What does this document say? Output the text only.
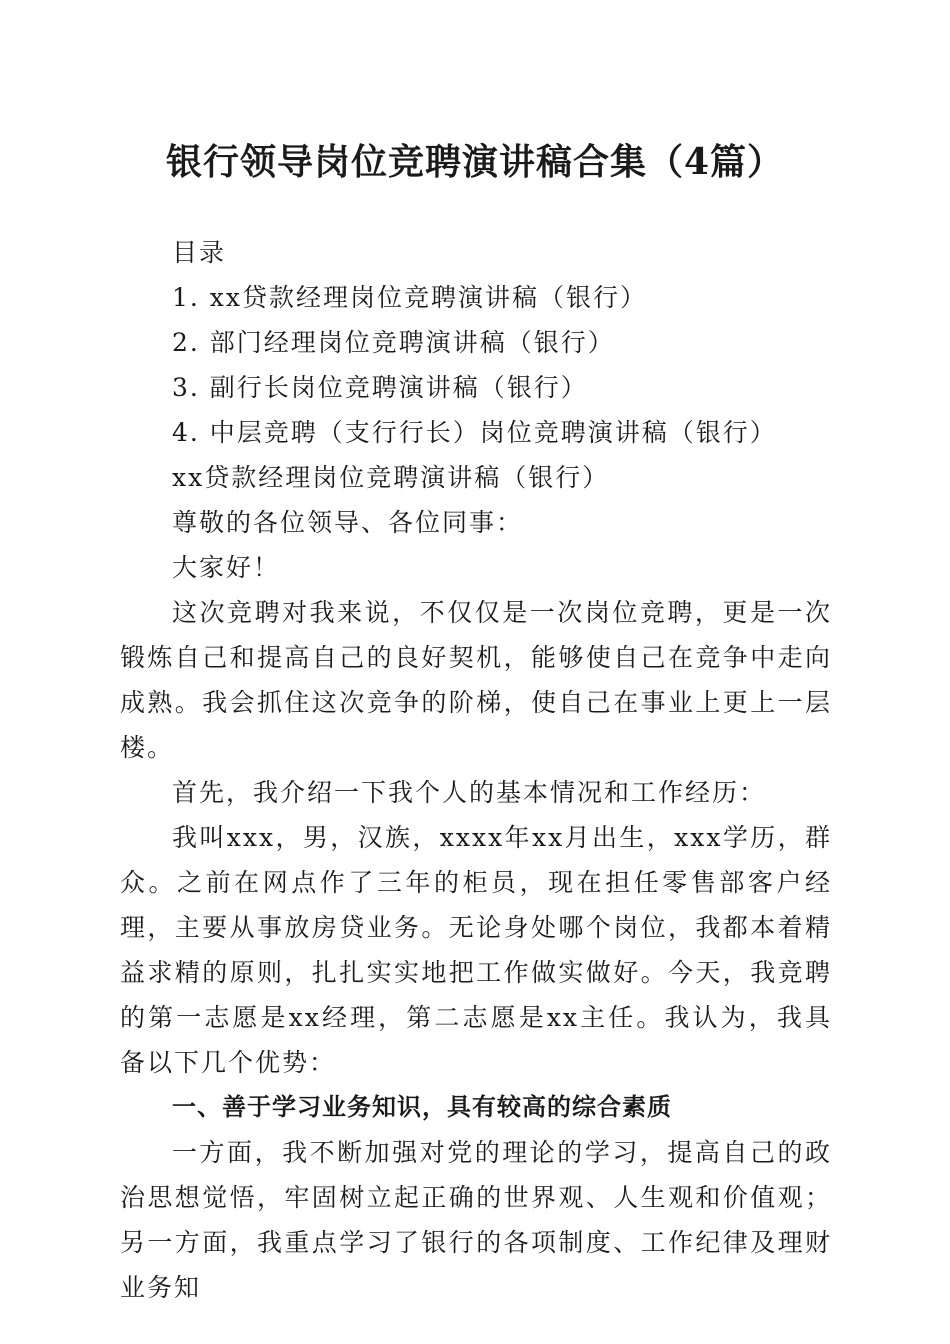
银行领导岗位竞聘演讲稿合集（4篇）

目录

1. xx贷款经理岗位竞聘演讲稿（银行）

2. 部门经理岗位竞聘演讲稿（银行）

3. 副行长岗位竞聘演讲稿（银行）

4. 中层竞聘（支行行长）岗位竞聘演讲稿（银行）

xx贷款经理岗位竞聘演讲稿（银行）

尊敬的各位领导、各位同事：

大家好！

这次竞聘对我来说，不仅仅是一次岗位竞聘，更是一次锻炼自己和提高自己的良好契机，能够使自己在竞争中走向成熟。我会抓住这次竞争的阶梯，使自己在事业上更上一层楼。

首先，我介绍一下我个人的基本情况和工作经历：

我叫xxx，男，汉族，xxxx年xx月出生，xxx学历，群众。之前在网点作了三年的柜员，现在担任零售部客户经理，主要从事放房贷业务。无论身处哪个岗位，我都本着精益求精的原则，扎扎实实地把工作做实做好。今天，我竞聘的第一志愿是xx经理，第二志愿是xx主任。我认为，我具备以下几个优势：

一、善于学习业务知识，具有较高的综合素质

一方面，我不断加强对党的理论的学习，提高自己的政治思想觉悟，牢固树立起正确的世界观、人生观和价值观；另一方面，我重点学习了银行的各项制度、工作纪律及理财业务知
